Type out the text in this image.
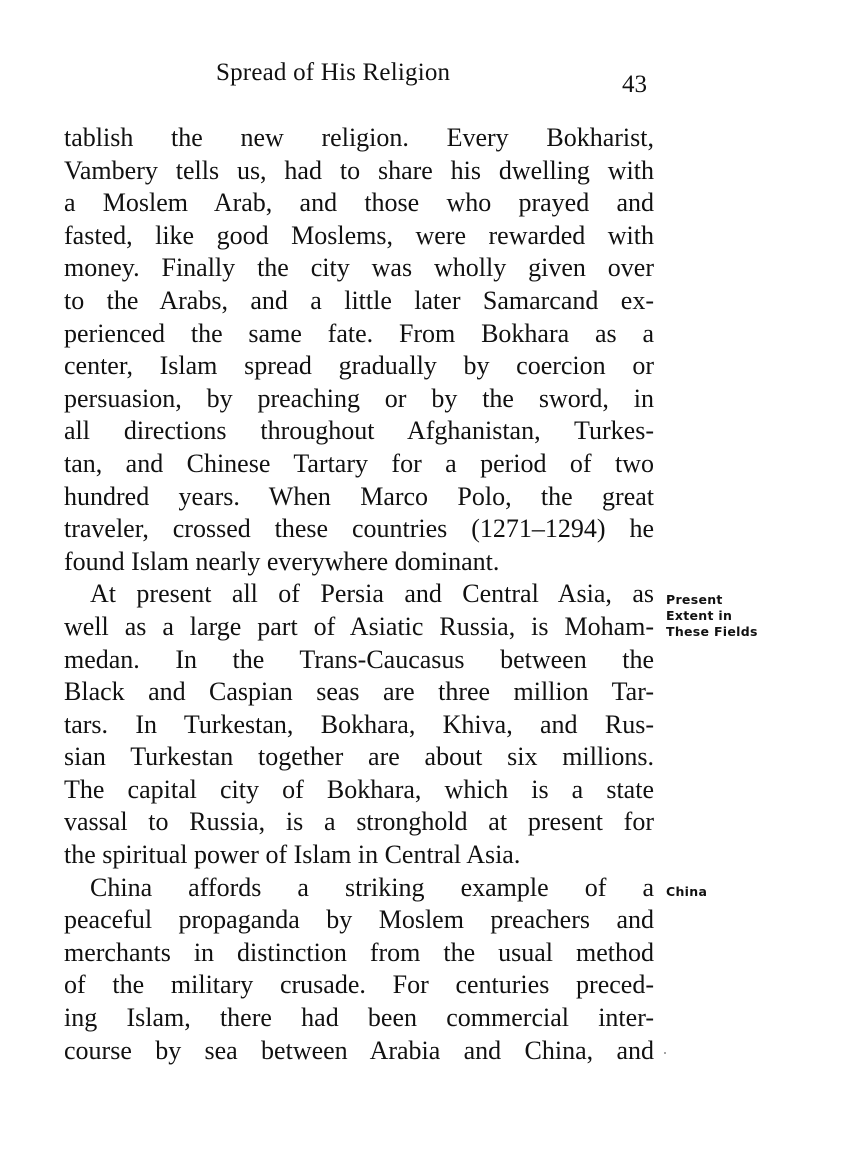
Spread of His Religion	43
tablish the new religion. Every Bokharist,
Vambery tells us, had to share his dwelling with
a Moslem Arab, and those who prayed and
fasted, like good Moslems, were rewarded with
money. Finally the city was wholly given over
to the Arabs, and a little later Samarcand ex-
perienced the same fate. From Bokhara as a
center, Islam spread gradually by coercion or
persuasion, by preaching or by the sword, in
all directions throughout Afghanistan, Turkes-
tan, and Chinese Tartary for a period of two
hundred years. When Marco Polo, the great
traveler, crossed these countries (1271–1294) he
found Islam nearly everywhere dominant.
At present all of Persia and Central Asia, as
well as a large part of Asiatic Russia, is Moham-
medan. In the Trans-Caucasus between the
Black and Caspian seas are three million Tar-
tars. In Turkestan, Bokhara, Khiva, and Rus-
sian Turkestan together are about six millions.
The capital city of Bokhara, which is a state
vassal to Russia, is a stronghold at present for
the spiritual power of Islam in Central Asia.
China affords a striking example of a
peaceful propaganda by Moslem preachers and
merchants in distinction from the usual method
of the military crusade. For centuries preced-
ing Islam, there had been commercial inter-
course by sea between Arabia and China, and
Present
Extent in
These Fields
China
